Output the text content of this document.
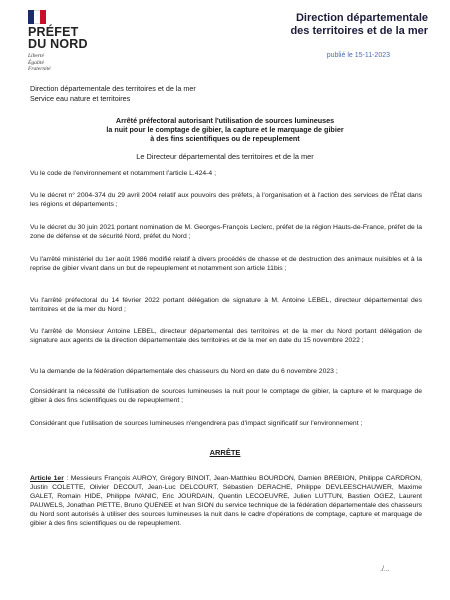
PRÉFET
DU NORD
Liberté
Égalité
Fraternité
Direction départementale
des territoires et de la mer
publié le 15-11-2023
Direction départementale des territoires et de la mer
Service eau nature et territoires
Arrêté préfectoral autorisant l'utilisation de sources lumineuses
la nuit pour le comptage de gibier, la capture et le marquage de gibier
à des fins scientifiques ou de repeuplement
Le Directeur départemental des territoires et de la mer

Vu le code de l'environnement et notamment l'article L.424-4 ;

Vu le décret n° 2004-374 du 29 avril 2004 relatif aux pouvoirs des préfets, à l'organisation et à l'action des services de l'État dans les régions et départements ;

Vu le décret du 30 juin 2021 portant nomination de M. Georges-François Leclerc, préfet de la région Hauts-de-France, préfet de la zone de défense et de sécurité Nord, préfet du Nord ;

Vu l'arrêté ministériel du 1er août 1986 modifié relatif à divers procédés de chasse et de destruction des animaux nuisibles et à la reprise de gibier vivant dans un but de repeuplement et notamment son article 11bis ;

Vu l'arrêté préfectoral du 14 février 2022 portant délégation de signature à M. Antoine LEBEL, directeur départemental des territoires et de la mer du Nord ;

Vu l'arrêté de Monsieur Antoine LEBEL, directeur départemental des territoires et de la mer du Nord portant délégation de signature aux agents de la direction départementale des territoires et de la mer en date du 15 novembre 2022 ;

Vu la demande de la fédération départementale des chasseurs du Nord en date du 6 novembre 2023 ;

Considérant la nécessité de l'utilisation de sources lumineuses la nuit pour le comptage de gibier, la capture et le marquage de gibier à des fins scientifiques ou de repeuplement ;

Considérant que l'utilisation de sources lumineuses n'engendrera pas d'impact significatif sur l'environnement ;

ARRÊTE
Article 1er : Messieurs François AUROY, Grégory BINOIT, Jean-Matthieu BOURDON, Damien BREBION, Philippe CARDRON, Justin COLETTE, Olivier DECOUT, Jean-Luc DELCOURT, Sébastien DERACHE, Philippe DEVLEESCHAUWER, Maxime GALET, Romain HIDE, Philippe IVANIC, Eric JOURDAIN, Quentin LECOEUVRE, Julien LUTTUN, Bastien OGEZ, Laurent PAUWELS, Jonathan PIETTE, Bruno QUENEE et Ivan SION du service technique de la fédération départementale des chasseurs du Nord sont autorisés à utiliser des sources lumineuses la nuit dans le cadre d'opérations de comptage, capture et marquage de gibier à des fins scientifiques ou de repeuplement.
./...
